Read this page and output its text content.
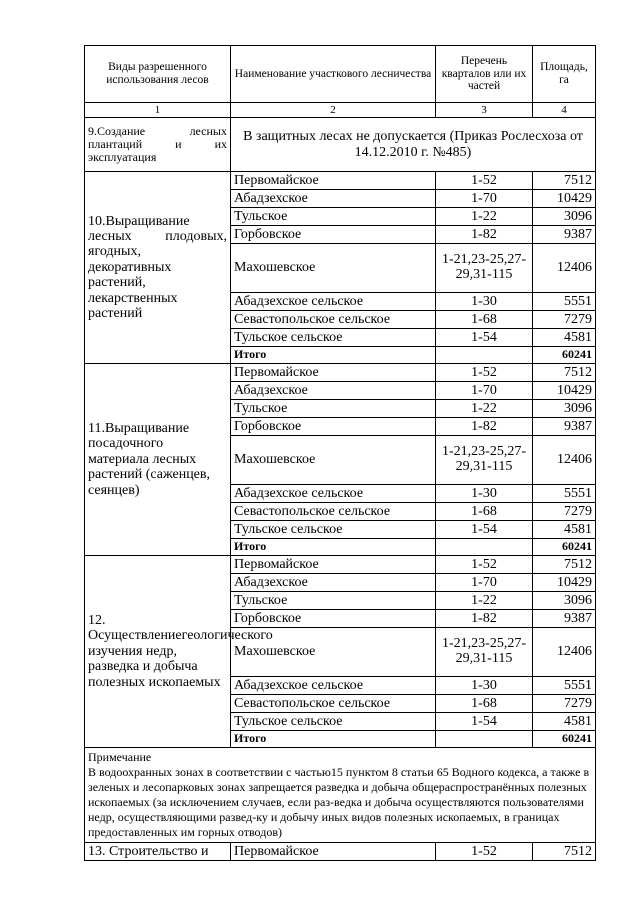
Виды разрешенного использования лесов	Наименование участкового лесничества	Перечень кварталов или их частей	Площадь, га
1	2	3	4
9.Создание лесных плантаций и их эксплуатация	В защитных лесах не допускается (Приказ Рослесхоза от 14.12.2010 г. №485)		
10.Выращивание лесных плодовых, ягодных, декоративных растений, лекарственных растений	Первомайское	1-52	7512
	Абадзехское	1-70	10429
	Тульское	1-22	3096
	Горбовское	1-82	9387
	Махошевское	1-21,23-25,27-29,31-115	12406
	Абадзехское сельское	1-30	5551
	Севастопольское сельское	1-68	7279
	Тульское сельское	1-54	4581
	Итого		60241
11.Выращивание посадочного материала лесных растений (саженцев, сеянцев)	Первомайское	1-52	7512
	Абадзехское	1-70	10429
	Тульское	1-22	3096
	Горбовское	1-82	9387
	Махошевское	1-21,23-25,27-29,31-115	12406
	Абадзехское сельское	1-30	5551
	Севастопольское сельское	1-68	7279
	Тульское сельское	1-54	4581
	Итого		60241
12. Осуществлениегеологического изучения недр, разведка и добыча полезных ископаемых	Первомайское	1-52	7512
	Абадзехское	1-70	10429
	Тульское	1-22	3096
	Горбовское	1-82	9387
	Махошевское	1-21,23-25,27-29,31-115	12406
	Абадзехское сельское	1-30	5551
	Севастопольское сельское	1-68	7279
	Тульское сельское	1-54	4581
	Итого		60241

Примечание
В водоохранных зонах в соответствии с частью15 пунктом 8 статьи 65 Водного кодекса, а также в зеленых и лесопарковых зонах запрещается разведка и добыча общераспространённых полезных ископаемых (за исключением случаев, если раз-ведка и добыча осуществляются пользователями недр, осуществляющими развед-ку и добычу иных видов полезных ископаемых, в границах предоставленных им горных отводов)			

13. Строительство и	Первомайское	1-52	7512
